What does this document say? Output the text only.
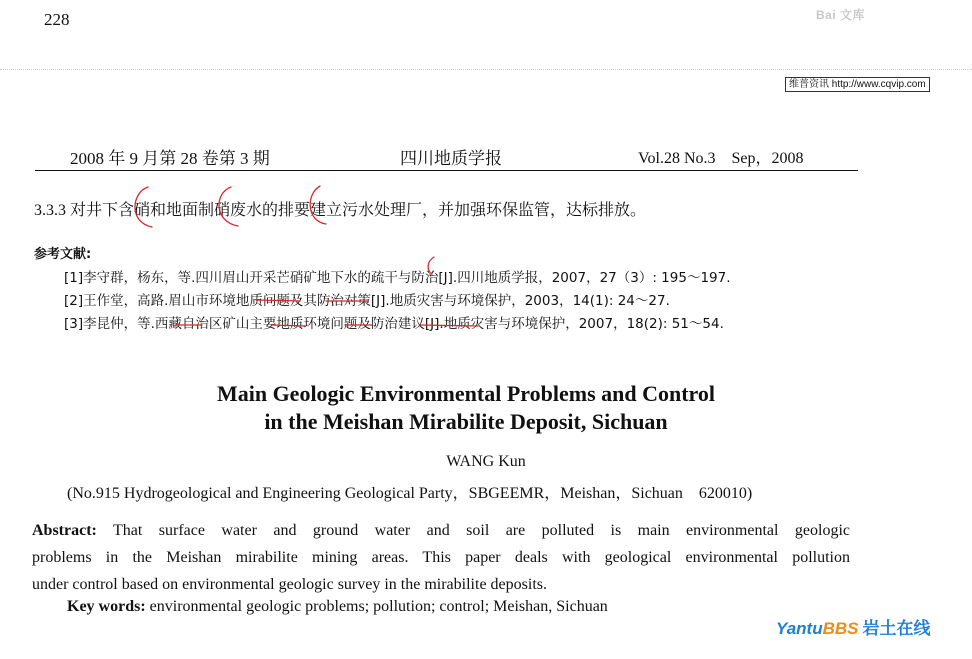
228	Bai 文库
维普资讯 http://www.cqvip.com
2008 年 9 月第 28 卷第 3 期	四川地质学报	Vol.28 No.3　Sep，2008
3.3.3 对井下含硝和地面制硝废水的排要建立污水处理厂，并加强环保监管，达标排放。
参考文献:
[1]李守群，杨东，等.四川眉山开采芒硝矿地下水的疏干与防治[J].四川地质学报，2007，27（3）: 195～197.
[2]王作堂，高路.眉山市环境地质问题及其防治对策[J].地质灾害与环境保护，2003，14(1): 24～27.
[3]李昆仲，等.西藏自治区矿山主要地质环境问题及防治建议[J].地质灾害与环境保护，2007，18(2): 51～54.
Main Geologic Environmental Problems and Control
in the Meishan Mirabilite Deposit, Sichuan
WANG Kun
(No.915 Hydrogeological and Engineering Geological Party，SBGEEMR，Meishan，Sichuan　620010)
Abstract: That surface water and ground water and soil are polluted is main environmental geologic
problems in the Meishan mirabilite mining areas. This paper deals with geological environmental pollution
under control based on environmental geologic survey in the mirabilite deposits.
Key words: environmental geologic problems; pollution; control; Meishan, Sichuan
YantuBBS 岩土在线
